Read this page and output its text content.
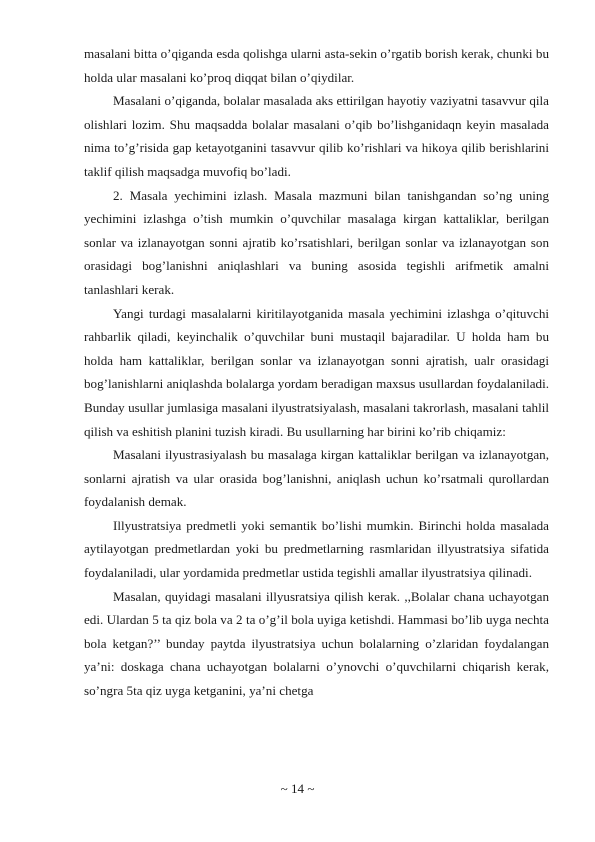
masalani bitta o’qiganda esda qolishga ularni asta-sekin o’rgatib borish kerak, chunki bu holda ular masalani ko’proq diqqat bilan o’qiydilar.

Masalani o’qiganda, bolalar masalada aks ettirilgan hayotiy vaziyatni tasavvur qila olishlari lozim. Shu maqsadda bolalar masalani o’qib bo’lishganidaqn keyin masalada nima to’g’risida gap ketayotganini tasavvur qilib ko’rishlari va hikoya qilib berishlarini taklif qilish maqsadga muvofiq bo’ladi.

2. Masala yechimini izlash. Masala mazmuni bilan tanishgandan so’ng uning yechimini izlashga o’tish mumkin o’quvchilar masalaga kirgan kattaliklar, berilgan sonlar va izlanayotgan sonni ajratib ko’rsatishlari, berilgan sonlar va izlanayotgan son orasidagi bog’lanishni aniqlashlari va buning asosida tegishli arifmetik amalni tanlashlari kerak.

Yangi turdagi masalalarni kiritilayotganida masala yechimini izlashga o’qituvchi rahbarlik qiladi, keyinchalik o’quvchilar buni mustaqil bajaradilar. U holda ham bu holda ham kattaliklar, berilgan sonlar va izlanayotgan sonni ajratish, ualr orasidagi bog’lanishlarni aniqlashda bolalarga yordam beradigan maxsus usullardan foydalaniladi. Bunday usullar jumlasiga masalani ilyustratsiyalash, masalani takrorlash, masalani tahlil qilish va eshitish planini tuzish kiradi. Bu usullarning har birini ko’rib chiqamiz:

Masalani ilyustrasiyalash bu masalaga kirgan kattaliklar berilgan va izlanayotgan, sonlarni ajratish va ular orasida bog’lanishni, aniqlash uchun ko’rsatmali qurollardan foydalanish demak.

Illyustratsiya predmetli yoki semantik bo’lishi mumkin. Birinchi holda masalada aytilayotgan predmetlardan yoki bu predmetlarning rasmlaridan illyustratsiya sifatida foydalaniladi, ular yordamida predmetlar ustida tegishli amallar ilyustratsiya qilinadi.

Masalan, quyidagi masalani illyusratsiya qilish kerak. ,,Bolalar chana uchayotgan edi. Ulardan 5 ta qiz bola va 2 ta o’g’il bola uyiga ketishdi. Hammasi bo’lib uyga nechta bola ketgan?’’ bunday paytda ilyustratsiya uchun bolalarning o’zlaridan foydalangan ya’ni: doskaga chana uchayotgan bolalarni o’ynovchi o’quvchilarni chiqarish kerak, so’ngra 5ta qiz uyga ketganini, ya’ni chetga

~ 14 ~
